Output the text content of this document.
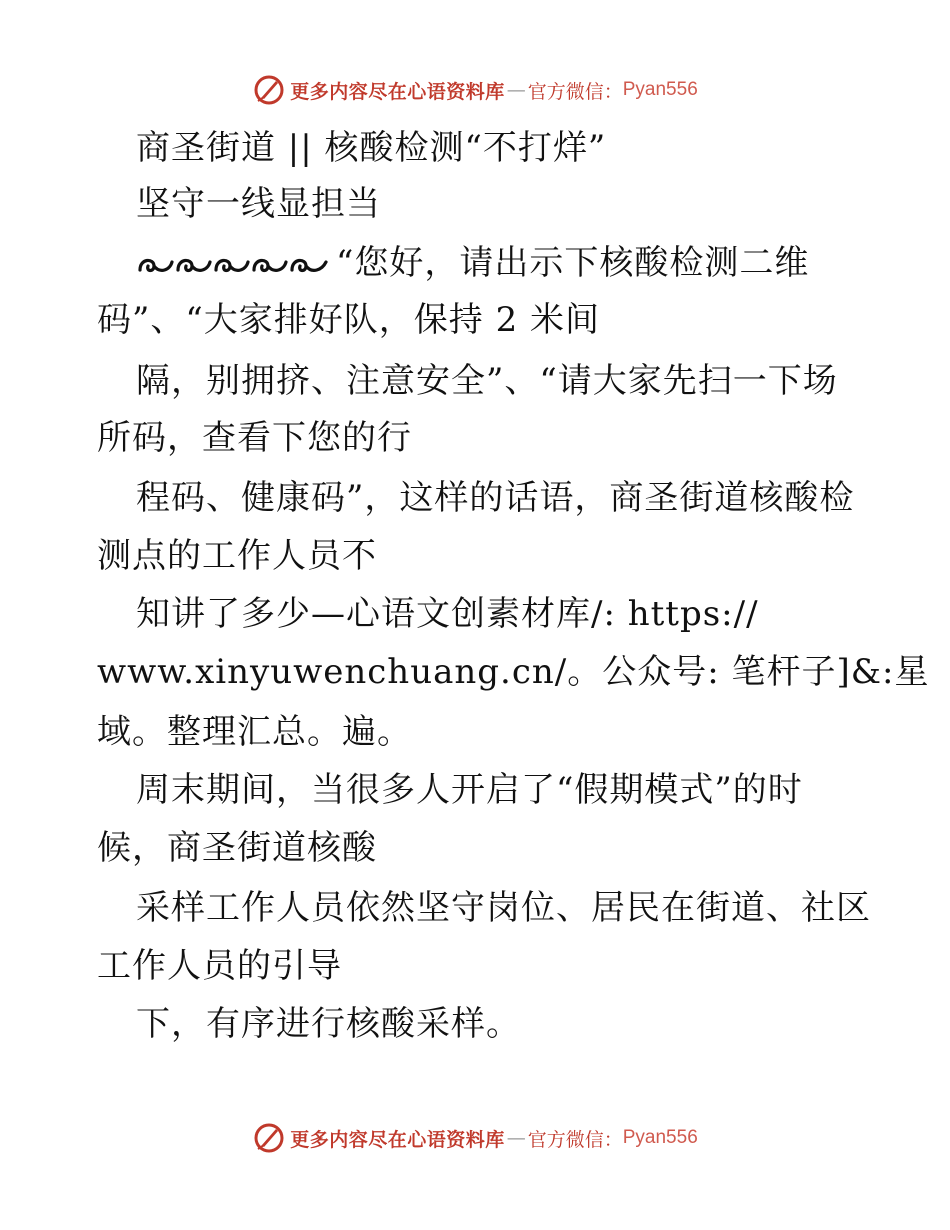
更多内容尽在心语资料库 — 官方微信： Pyan556
商圣街道 || 核酸检测“不打烊”
坚守一线显担当
“您好，请出示下核酸检测二维
码”、“大家排好队，保持 2 米间
隔，别拥挤、注意安全”、“请大家先扫一下场
所码，查看下您的行
程码、健康码”，这样的话语，商圣街道核酸检
测点的工作人员不
知讲了多少—心语文创素材库/: https://
www.xinyuwenchuang.cn/。公众号: 笔杆子]&:星
域。整理汇总。遍。
周末期间，当很多人开启了“假期模式”的时
候，商圣街道核酸
采样工作人员依然坚守岗位、居民在街道、社区
工作人员的引导
下，有序进行核酸采样。
更多内容尽在心语资料库 — 官方微信： Pyan556
